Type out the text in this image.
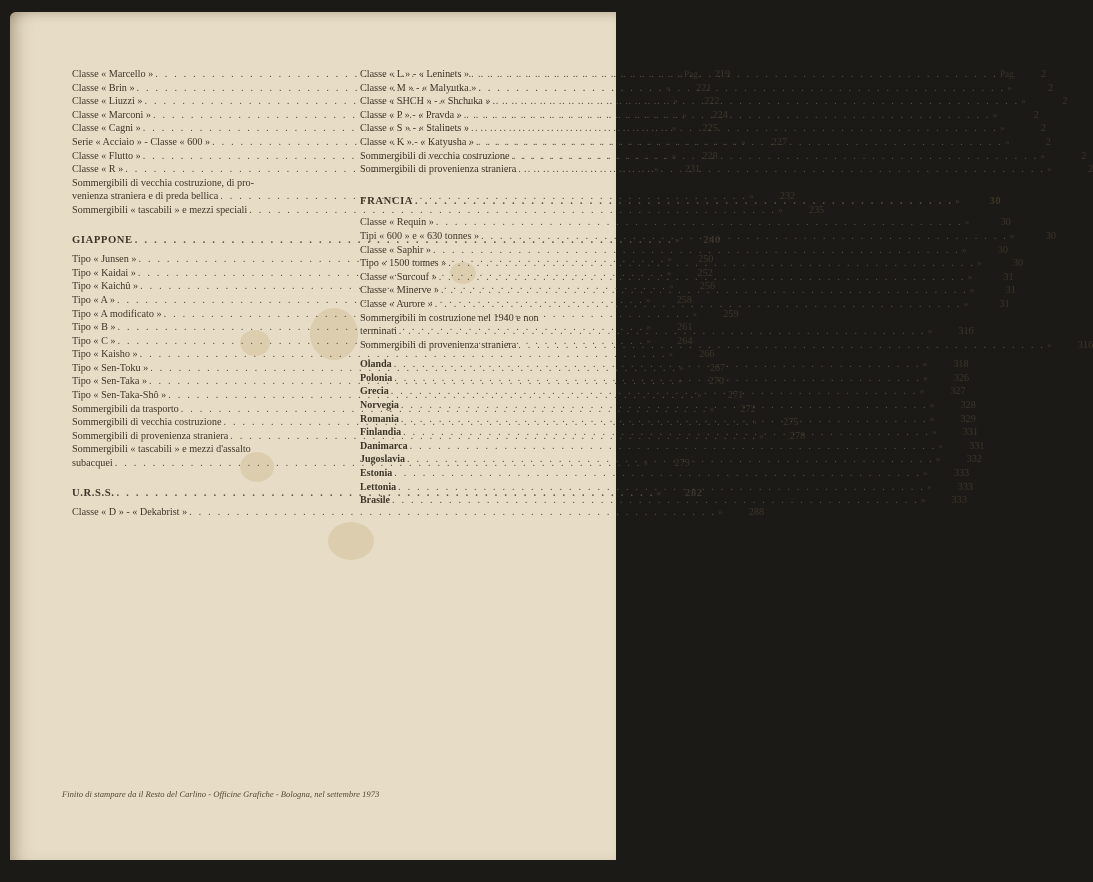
Classe « Marcello » . . .	Pag.	219
Classe « Brin » . . .	»	221
Classe « Liuzzi » . . .	»	222
Classe « Marconi » . . .	»	224
Classe « Cagni » . . .	»	225
Serie « Acciaio » - Classe « 600 » . . .	»	227
Classe « Flutto » . . .	»	228
Classe « R » . . .	»	231
Sommergibili di vecchia costruzione, di pro-
venienza straniera e di preda bellica . . .	»	232
Sommergibili « tascabili » e mezzi speciali . . .	»	235
GIAPPONE . . .	»	240
Tipo « Junsen » . . .	»	250
Tipo « Kaidai » . . .	»	252
Tipo « Kaichû » . . .	»	256
Tipo « A » . . .	»	258
Tipo « A modificato » . . .	»	259
Tipo « B » . . .	»	261
Tipo « C » . . .	»	264
Tipo « Kaisho » . . .	»	266
Tipo « Sen-Toku » . . .	»	267
Tipo « Sen-Taka » . . .	»	270
Tipo « Sen-Taka-Shô » . . .	»	271
Sommergibili da trasporto . . .	»	272
Sommergibili di vecchia costruzione . . .	»	275
Sommergibili di provenienza straniera . . .	»	278
Sommergibili « tascabili » e mezzi d'assalto
subacquei . . .	»	279
U.R.S.S. . . .	»	282
Classe « D » - « Dekabrist » . . .	»	288
Classe « L » - « Leninets » . . .	Pag.	2
Classe « M » - « Malyutka » . . .	»	2
Classe « SHCH » - « Shchuka » . . .	»	2
Classe « P » - « Pravda » . . .	»	2
Classe « S » - « Stalinets » . . .	»	2
Classe « K » - « Katyusha » . . .	»	2
Sommergibili di vecchia costruzione . . .	»	2
Sommergibili di provenienza straniera . . .	»	2
FRANCIA . . .	»	30
Classe « Requin » . . .	»	30
Tipi « 600 » e « 630 tonnes » . . .	»	30
Classe « Saphir » . . .	»	30
Tipo « 1500 tonnes » . . .	»	30
Classe « Surcouf » . . .	»	31
Classe « Minerve » . . .	»	31
Classe « Aurore » . . .	»	31
Sommergibili in costruzione nel 1940 e non
terminati . . .	»	316
Sommergibili di provenienza straniera . . .	»	316
Olanda . . .	»	318
Polonia . . .	»	326
Grecia . . .	»	327
Norvegia . . .	»	328
Romania . . .	»	329
Finlandia . . .	»	331
Danimarca . . .	»	331
Jugoslavia . . .	»	332
Estonia . . .	»	333
Lettonia . . .	»	333
Brasile . . .	»	333
Finito di stampare da il Resto del Carlino - Officine Grafiche - Bologna, nel settembre 1973
